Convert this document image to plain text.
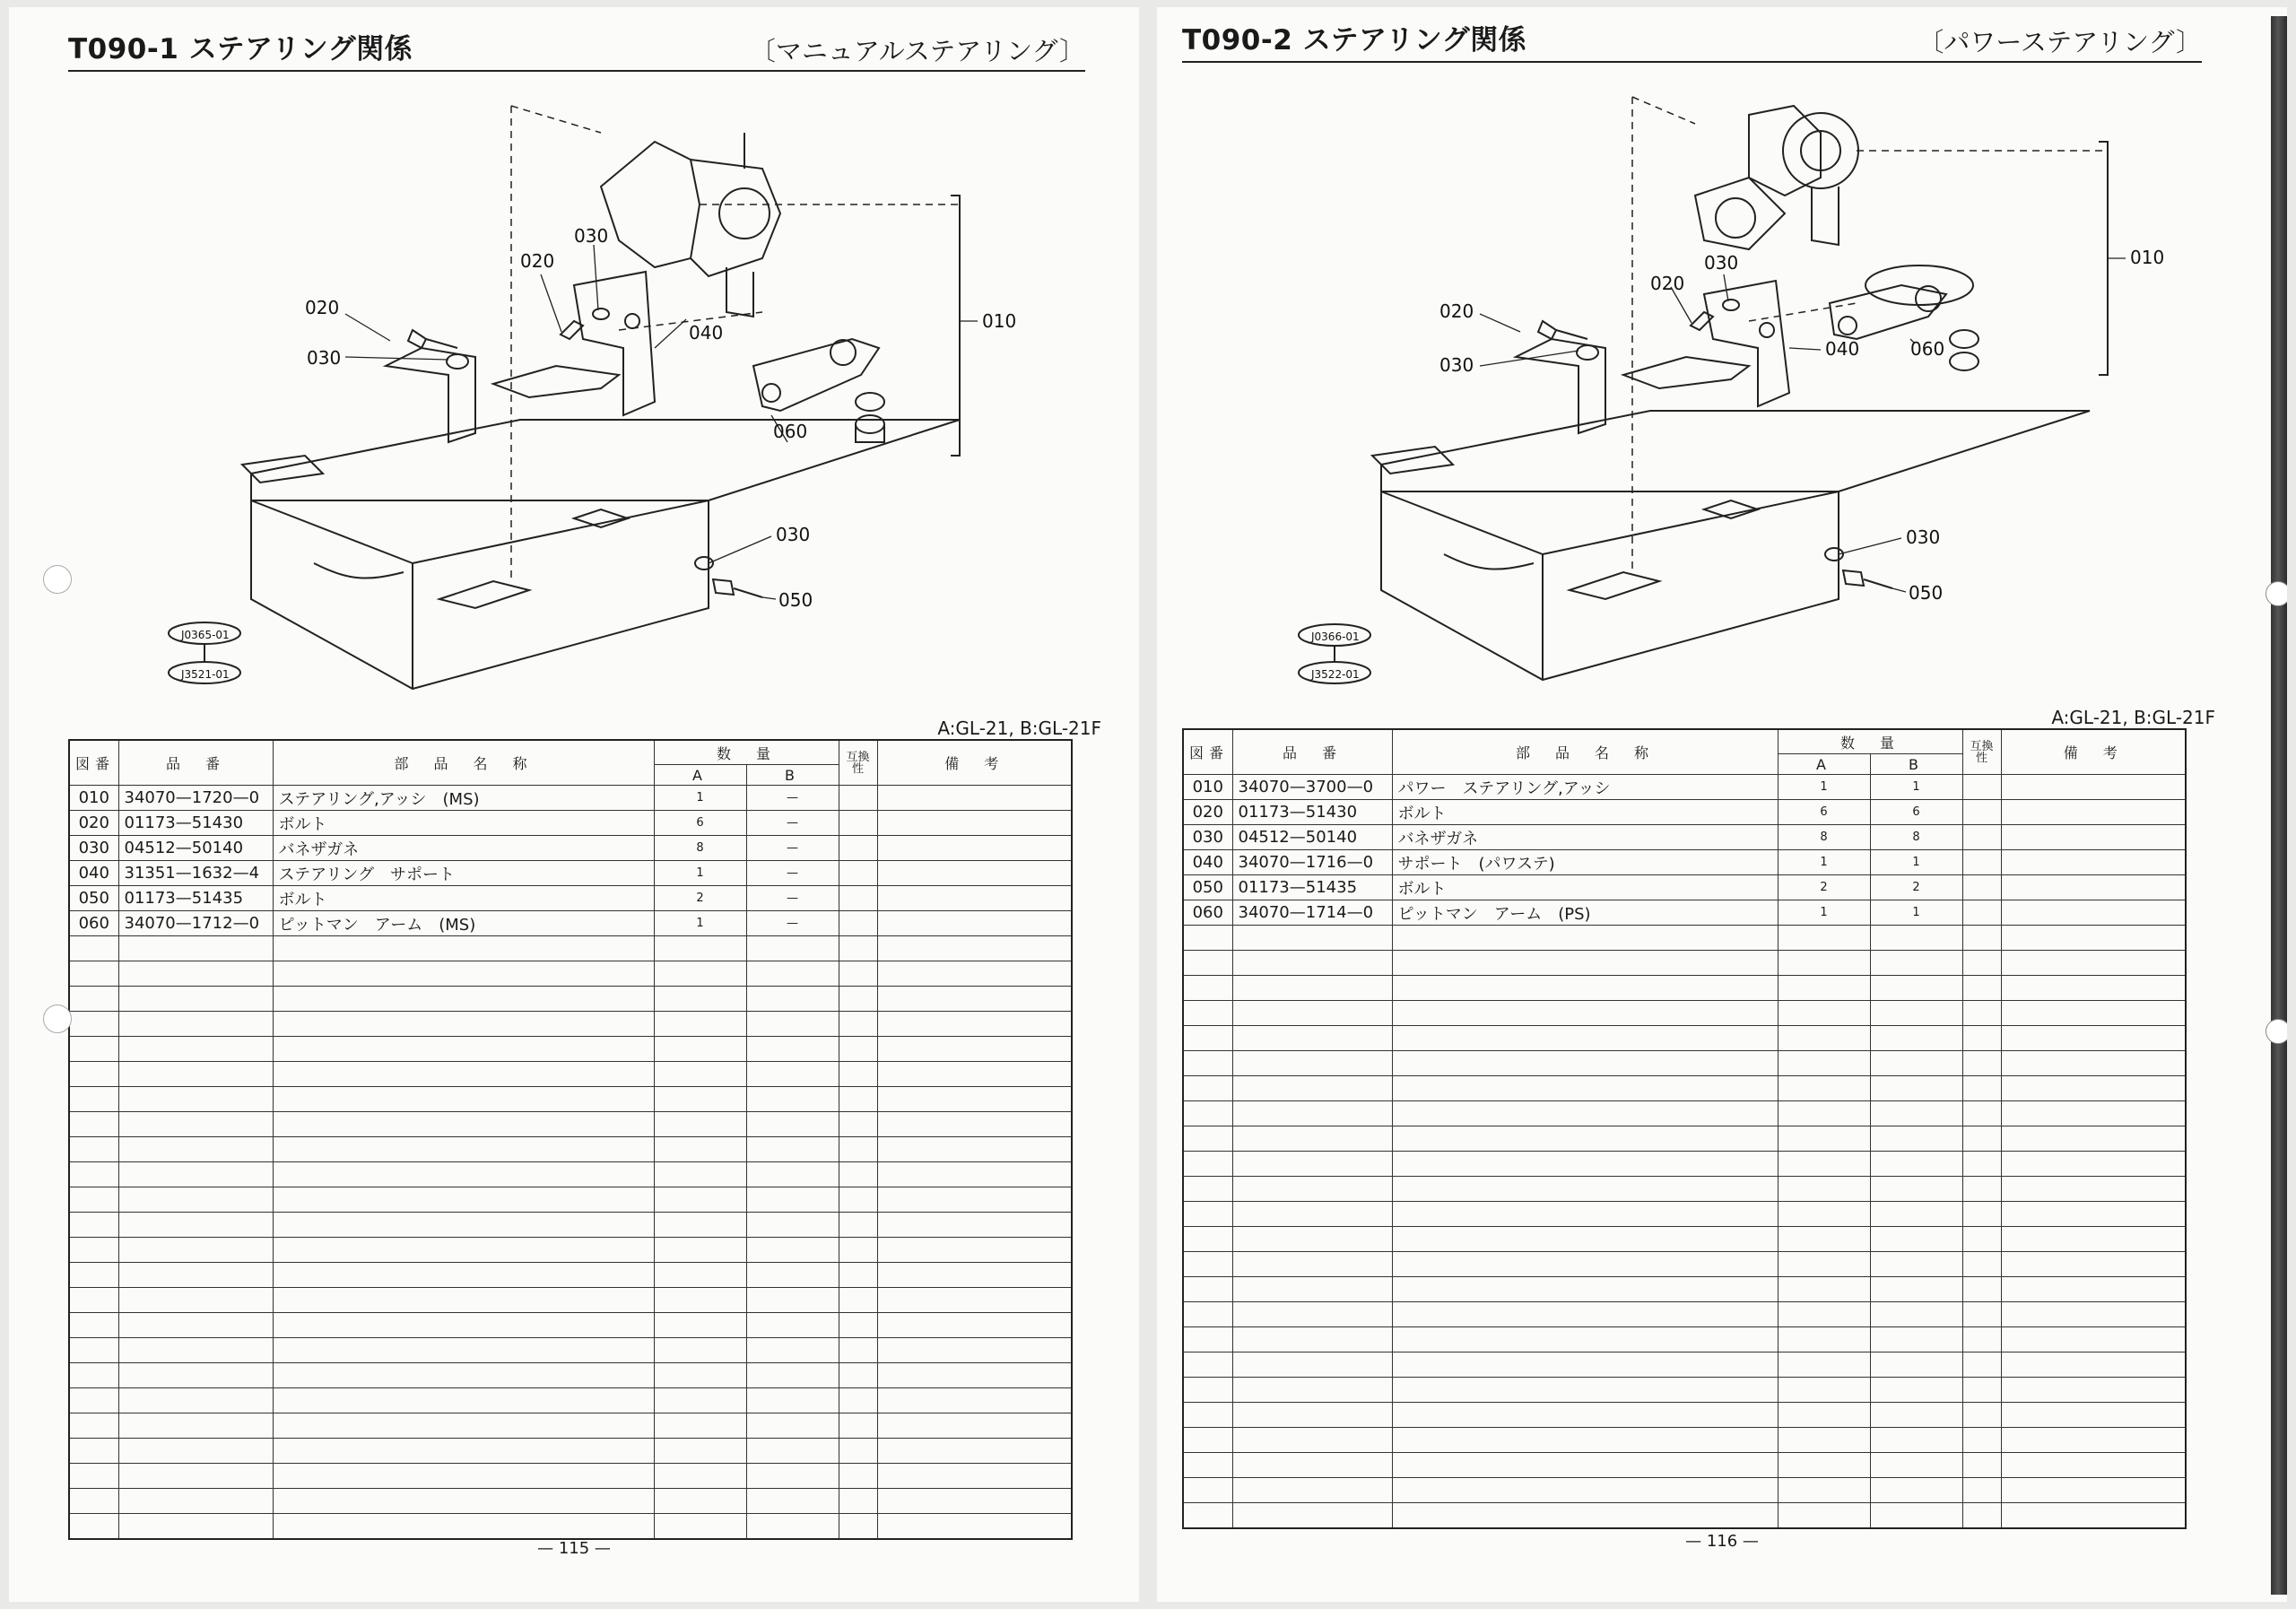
T090-1 ステアリング関係	〔マニュアルステアリング〕
010
020
030
020
030
040
060
030
050
J0365-01
J3521-01
A:GL-21, B:GL-21F
図番	品　番	部　品　名　称	数　量		互換性	備　考
			A	B		
010	34070—1720—0	ステアリング,アッシ　(MS)	1	—		
020	01173—51430	ボルト	6	—		
030	04512—50140	バネザガネ	8	—		
040	31351—1632—4	ステアリング　サポート	1	—		
050	01173—51435	ボルト	2	—		
060	34070—1712—0	ピットマン　アーム　(MS)	1	—		

— 115 —
T090-2 ステアリング関係	〔パワーステアリング〕
010
020
030
020
030
040	060
030
050
J0366-01
J3522-01
A:GL-21, B:GL-21F
図番	品　番	部　品　名　称	数　量		互換性	備　考
			A	B		
010	34070—3700—0	パワー　ステアリング,アッシ	1	1		
020	01173—51430	ボルト	6	6		
030	04512—50140	バネザガネ	8	8		
040	34070—1716—0	サポート　(パワステ)	1	1		
050	01173—51435	ボルト	2	2		
060	34070—1714—0	ピットマン　アーム　(PS)	1	1		

— 116 —
